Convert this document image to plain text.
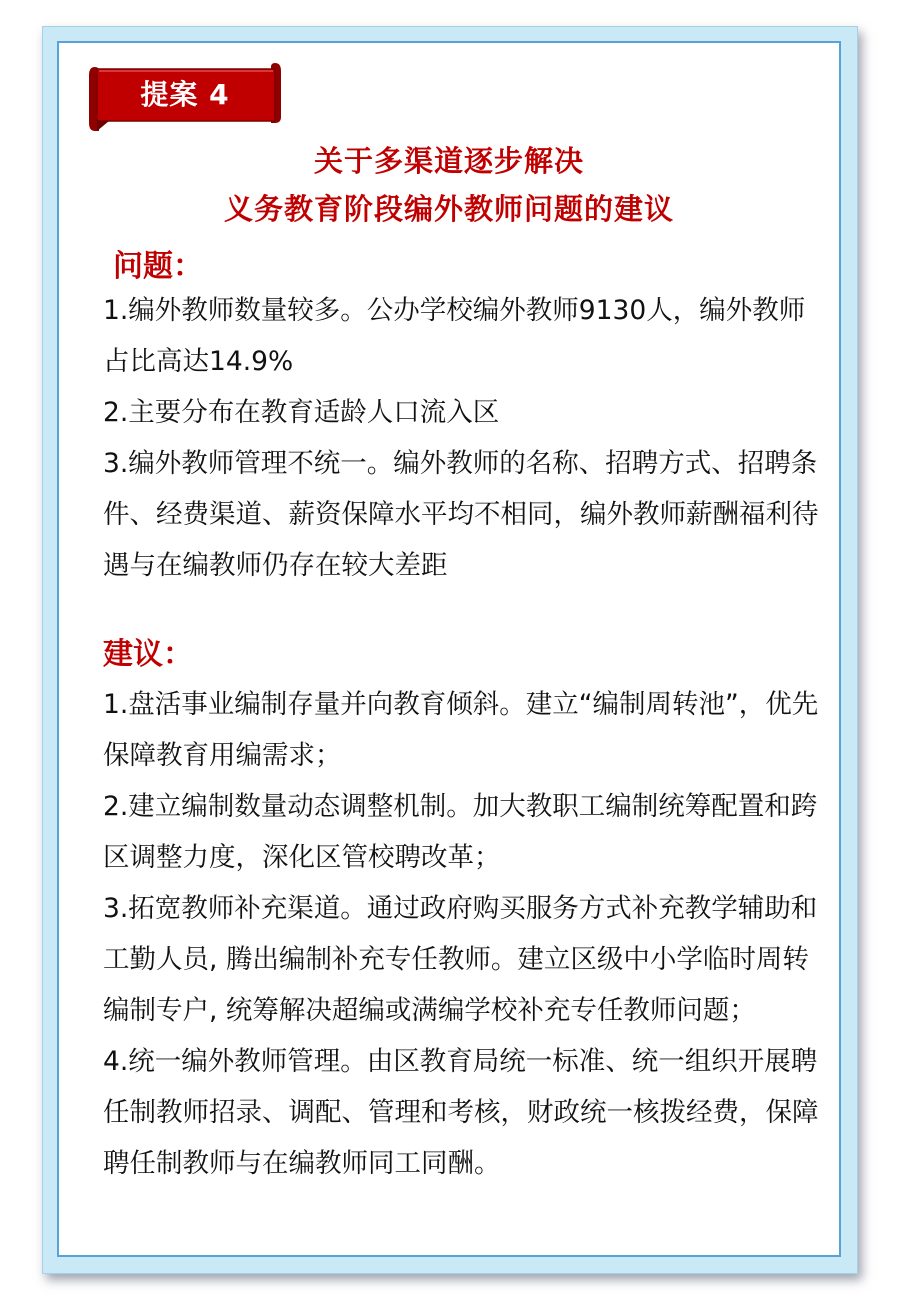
提案 4
关于多渠道逐步解决
义务教育阶段编外教师问题的建议
问题：

1.编外教师数量较多。公办学校编外教师9130人，编外教师占比高达14.9%

2.主要分布在教育适龄人口流入区

3.编外教师管理不统一。编外教师的名称、招聘方式、招聘条件、经费渠道、薪资保障水平均不相同，编外教师薪酬福利待遇与在编教师仍存在较大差距

建议：

1.盘活事业编制存量并向教育倾斜。建立“编制周转池”，优先保障教育用编需求；

2.建立编制数量动态调整机制。加大教职工编制统筹配置和跨区调整力度，深化区管校聘改革；

3.拓宽教师补充渠道。通过政府购买服务方式补充教学辅助和工勤人员, 腾出编制补充专任教师。建立区级中小学临时周转编制专户, 统筹解决超编或满编学校补充专任教师问题；

4.统一编外教师管理。由区教育局统一标准、统一组织开展聘任制教师招录、调配、管理和考核，财政统一核拨经费，保障聘任制教师与在编教师同工同酬。
